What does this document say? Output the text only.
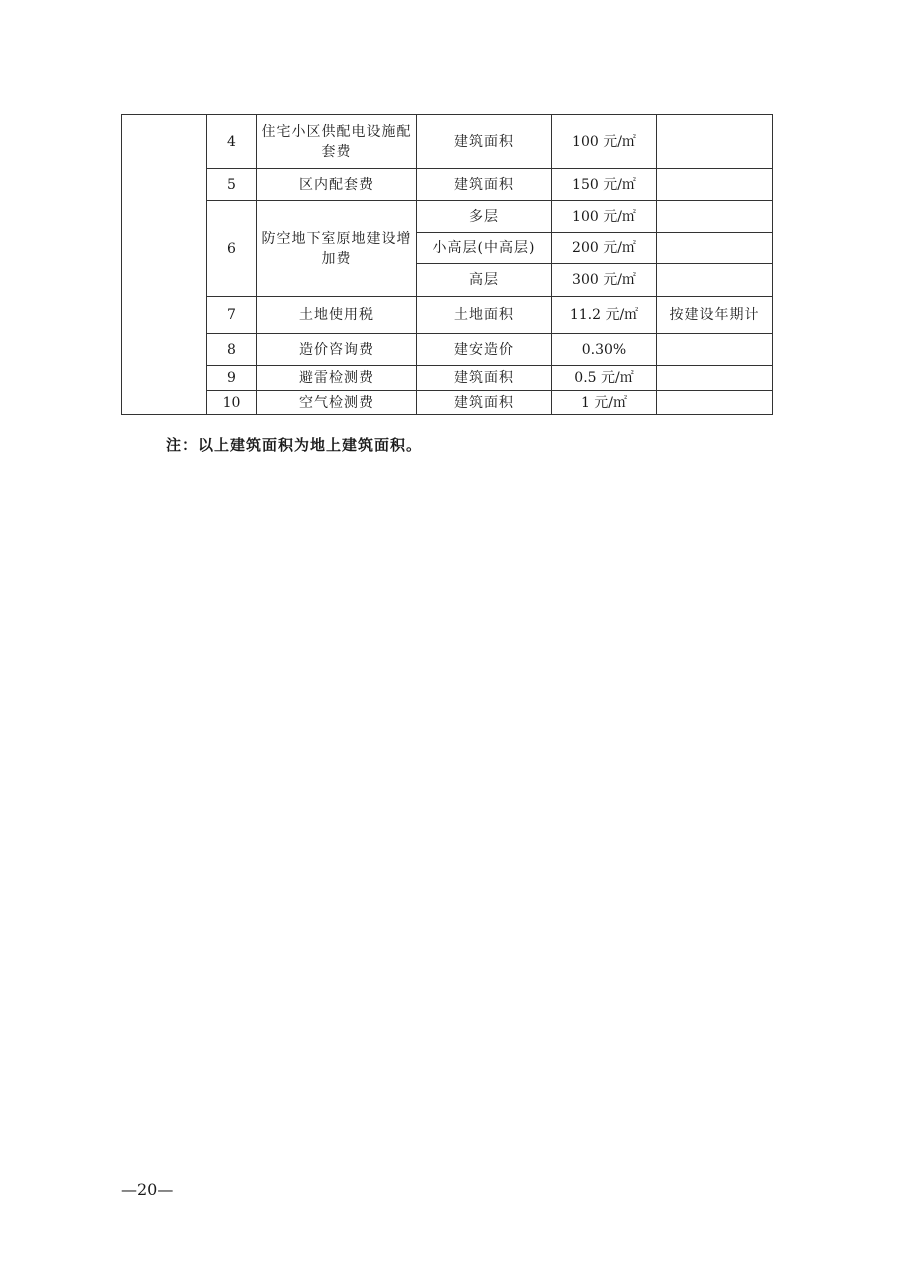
	4	住宅小区供配电设施配套费	建筑面积	100 元/㎡	
	5	区内配套费	建筑面积	150 元/㎡	
	6	防空地下室原地建设增加费	多层	100 元/㎡	
			小高层(中高层)	200 元/㎡	
			高层	300 元/㎡	
	7	土地使用税	土地面积	11.2 元/㎡	按建设年期计
	8	造价咨询费	建安造价	0.30%	
	9	避雷检测费	建筑面积	0.5 元/㎡	
	10	空气检测费	建筑面积	1 元/㎡	

注：以上建筑面积为地上建筑面积。

—20—
